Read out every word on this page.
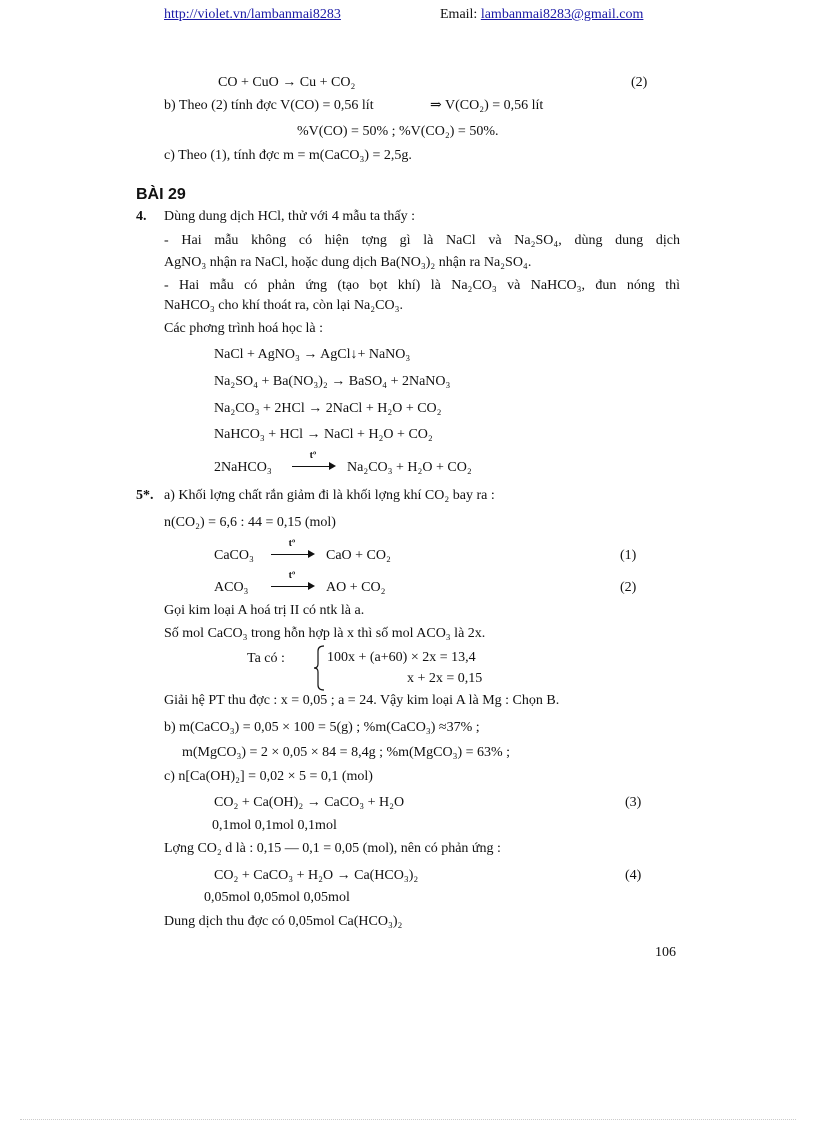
http://violet.vn/lambanmai8283	Email: lambanmai8283@gmail.com
CO + CuO → Cu + CO₂	(2)
b) Theo (2) tính đợc V(CO) = 0,56 lít	⇒ V(CO₂) = 0,56 lít
%V(CO) = 50% ; %V(CO₂) = 50%.
c) Theo (1), tính đợc m = m(CaCO₃) = 2,5g.
BÀI 29
4. Dùng dung dịch HCl, thử với 4 mẫu ta thấy :
- Hai mẫu không có hiện tợng gì là NaCl và Na₂SO₄, dùng dung dịch
AgNO₃ nhận ra NaCl, hoặc dung dịch Ba(NO₃)₂ nhận ra Na₂SO₄.
- Hai mẫu có phản ứng (tạo bọt khí) là Na₂CO₃ và NaHCO₃, đun nóng thì
NaHCO₃ cho khí thoát ra, còn lại Na₂CO₃.
Các phơng trình hoá học là :
NaCl + AgNO₃ → AgCl↓+ NaNO₃
Na₂SO₄ + Ba(NO₃)₂ → BaSO₄ + 2NaNO₃
Na₂CO₃ + 2HCl → 2NaCl + H₂O + CO₂
NaHCO₃ + HCl → NaCl + H₂O + CO₂
2NaHCO₃
tº
Na₂CO₃ + H₂O + CO₂
5*. a) Khối lợng chất rắn giảm đi là khối lợng khí CO₂ bay ra :
n(CO₂) = 6,6 : 44 = 0,15 (mol)
CaCO₃
tº
CaO + CO₂	(1)
ACO₃
tº
AO + CO₂	(2)
Gọi kim loại A hoá trị II có ntk là a.
Số mol CaCO₃ trong hỗn hợp là x thì số mol ACO₃ là 2x.
Ta có :	100x + (a+60) × 2x = 13,4
x + 2x = 0,15
Giải hệ PT thu đợc : x = 0,05 ; a = 24. Vậy kim loại A là Mg : Chọn B.
b) m(CaCO₃) = 0,05 × 100 = 5(g) ; %m(CaCO₃) ≈37% ;
m(MgCO₃) = 2 × 0,05 × 84 = 8,4g ; %m(MgCO₃) = 63% ;
c) n[Ca(OH)₂] = 0,02 × 5 = 0,1 (mol)
CO₂ + Ca(OH)₂ → CaCO₃ + H₂O	(3)
0,1mol 0,1mol 0,1mol
Lợng CO₂ d là : 0,15 — 0,1 = 0,05 (mol), nên có phản ứng :
CO₂ + CaCO₃ + H₂O → Ca(HCO₃)₂	(4)
0,05mol 0,05mol 0,05mol
Dung dịch thu đợc có 0,05mol Ca(HCO₃)₂
106
